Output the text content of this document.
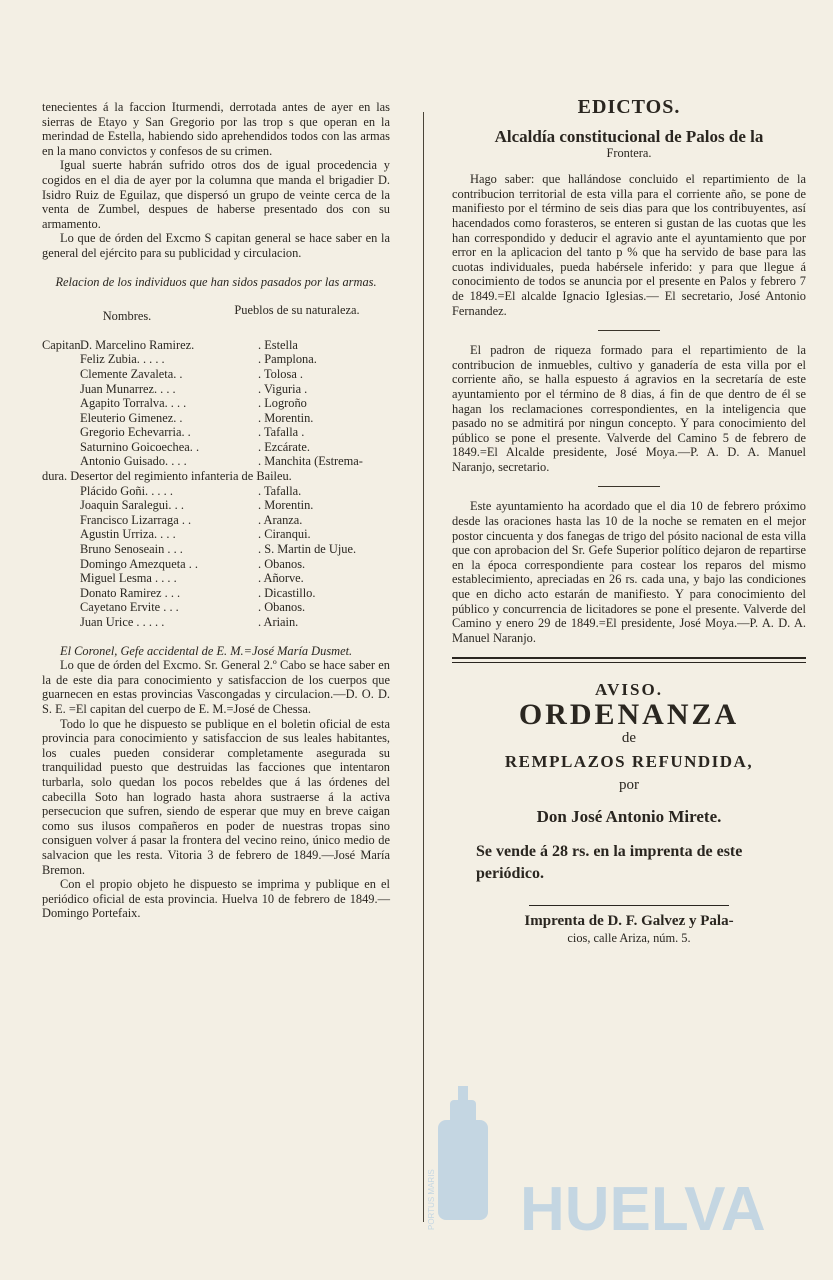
tenecientes á la faccion Iturmendi, derrotada antes de ayer en las sierras de Etayo y San Gregorio por las trop s que operan en la merindad de Estella, habiendo sido aprehendidos todos con las armas en la mano convictos y confesos de su crimen.

Igual suerte habrán sufrido otros dos de igual procedencia y cogidos en el dia de ayer por la columna que manda el brigadier D. Isidro Ruiz de Eguilaz, que dispersó un grupo de veinte cerca de la venta de Zumbel, despues de haberse presentado dos con su armamento.

Lo que de órden del Excmo S capitan general se hace saber en la general del ejército para su publicidad y circulacion.

Relacion de los individuos que han sidos pasados por las armas.

Nombres.	Pueblos de su naturaleza.
Capitan D. Marcelino Ramirez.	. Estella
Feliz Zubia. . . . .	. Pamplona.
Clemente Zavaleta. .	. Tolosa .
Juan Munarrez. . . .	. Viguria .
Agapito Torralva. . . .	. Logroño
Eleuterio Gimenez. .	. Morentin.
Gregorio Echevarria. .	. Tafalla .
Saturnino Goicoechea. .	. Ezcárate.
Antonio Guisado. . . .	. Manchita (Estrema-

dura. Desertor del regimiento infanteria de Baileu.

Plácido Goñi. . . . .	. Tafalla.
Joaquin Saralegui. . .	. Morentin.
Francisco Lizarraga . .	. Aranza.
Agustin Urriza. . . .	. Ciranqui.
Bruno Senoseain . . .	. S. Martin de Ujue.
Domingo Amezqueta . .	. Obanos.
Miguel Lesma . . . .	. Añorve.
Donato Ramirez . . .	. Dicastillo.
Cayetano Ervite . . .	. Obanos.
Juan Urice . . . . .	. Ariain.

El Coronel, Gefe accidental de E. M.=José María Dusmet.

Lo que de órden del Excmo. Sr. General 2.º Cabo se hace saber en la de este dia para conocimiento y satisfaccion de los cuerpos que guarnecen en estas provincias Vascongadas y circulacion.—D. O. D. S. E. =El capitan del cuerpo de E. M.=José de Chessa.

Todo lo que he dispuesto se publique en el boletin oficial de esta provincia para conocimiento y satisfaccion de sus leales habitantes, los cuales pueden considerar completamente asegurada su tranquilidad puesto que destruidas las facciones que intentaron turbarla, solo quedan los pocos rebeldes que á las órdenes del cabecilla Soto han logrado hasta ahora sustraerse á la activa persecucion que sufren, siendo de esperar que muy en breve caigan como sus ilusos compañeros en poder de nuestras tropas sino consiguen volver á pasar la frontera del vecino reino, único medio de salvacion que les resta. Vitoria 3 de febrero de 1849.—José María Bremon.

Con el propio objeto he dispuesto se imprima y publique en el periódico oficial de esta provincia. Huelva 10 de febrero de 1849.—Domingo Portefaix.

EDICTOS.
Alcaldía constitucional de Palos de la
Frontera.

Hago saber: que hallándose concluido el repartimiento de la contribucion territorial de esta villa para el corriente año, se pone de manifiesto por el término de seis dias para que los contribuyentes, así hacendados como forasteros, se enteren si gustan de las cuotas que les han correspondido y deducir el agravio ante el ayuntamiento que por error en la aplicacion del tanto p % que ha servido de base para las cuotas individuales, pueda habérsele inferido: y para que llegue á conocimiento de todos se anuncia por el presente en Palos y febrero 7 de 1849.=El alcalde Ignacio Iglesias.— El secretario, José Antonio Fernandez.

El padron de riqueza formado para el repartimiento de la contribucion de inmuebles, cultivo y ganadería de esta villa por el corriente año, se halla espuesto á agravios en la secretaría de este ayuntamiento por el término de 8 dias, á fin de que dentro de él se hagan los reclamaciones correspondientes, en la inteligencia que pasado no se admitirá por ningun concepto. Y para conocimiento del público se pone el presente. Valverde del Camino 5 de febrero de 1849.=El Alcalde presidente, José Moya.—P. A. D. A. Manuel Naranjo, secretario.

Este ayuntamiento ha acordado que el dia 10 de febrero próximo desde las oraciones hasta las 10 de la noche se rematen en el mejor postor cincuenta y dos fanegas de trigo del pósito nacional de esta villa que con aprobacion del Sr. Gefe Superior político dejaron de repartirse en la época correspondiente para costear los reparos del mismo establecimiento, apreciadas en 26 rs. cada una, y bajo las condiciones que en dicho acto estarán de manifiesto. Y para conocimiento del público y concurrencia de licitadores se pone el presente. Valverde del Camino y enero 29 de 1849.=El presidente, José Moya.—P. A. D. A. Manuel Naranjo.

AVISO.
ORDENANZA
de
REMPLAZOS REFUNDIDA,
por
Don José Antonio Mirete.
Se vende á 28 rs. en la imprenta de este periódico.
Imprenta de D. F. Galvez y Pala-
cios, calle Ariza, núm. 5.
HUELVA
PORTUS MARIS
